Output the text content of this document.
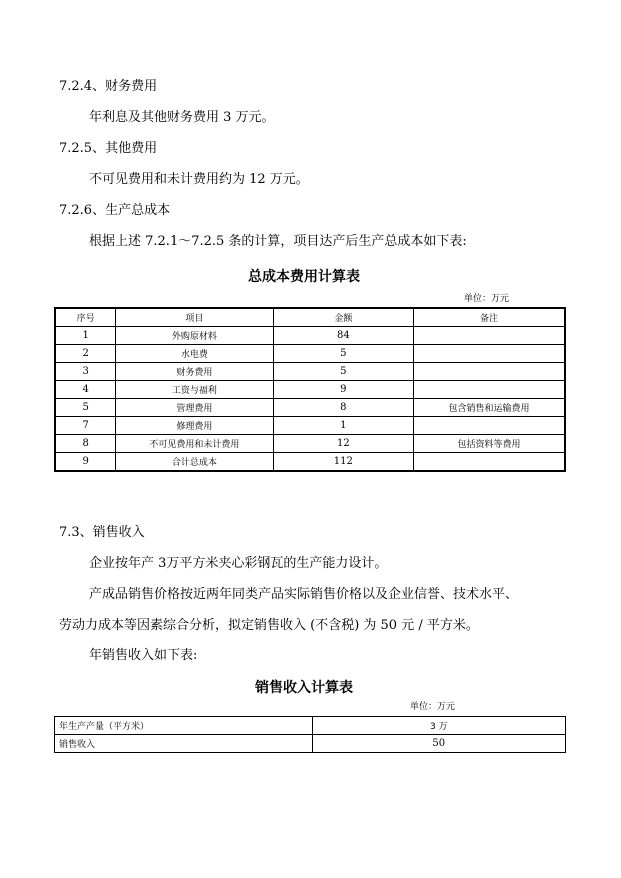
7.2.4、财务费用
年利息及其他财务费用 3 万元。
7.2.5、其他费用
不可见费用和未计费用约为 12 万元。
7.2.6、生产总成本
根据上述 7.2.1～7.2.5 条的计算，项目达产后生产总成本如下表:
总成本费用计算表
单位：万元
序号	项目	金额	备注
1	外购原材料	84	
2	水电费	5	
3	财务费用	5	
4	工资与福利	9	
5	管理费用	8	包含销售和运输费用
7	修理费用	1	
8	不可见费用和未计费用	12	包括资料等费用
9	合计总成本	112	
7.3、销售收入
企业按年产 3万平方米夹心彩钢瓦的生产能力设计。
产成品销售价格按近两年同类产品实际销售价格以及企业信誉、技术水平、
劳动力成本等因素综合分析，拟定销售收入 (不含税) 为 50 元 / 平方米。
年销售收入如下表:
销售收入计算表
单位：万元
年生产产量（平方米）	3 万
销售收入	50
